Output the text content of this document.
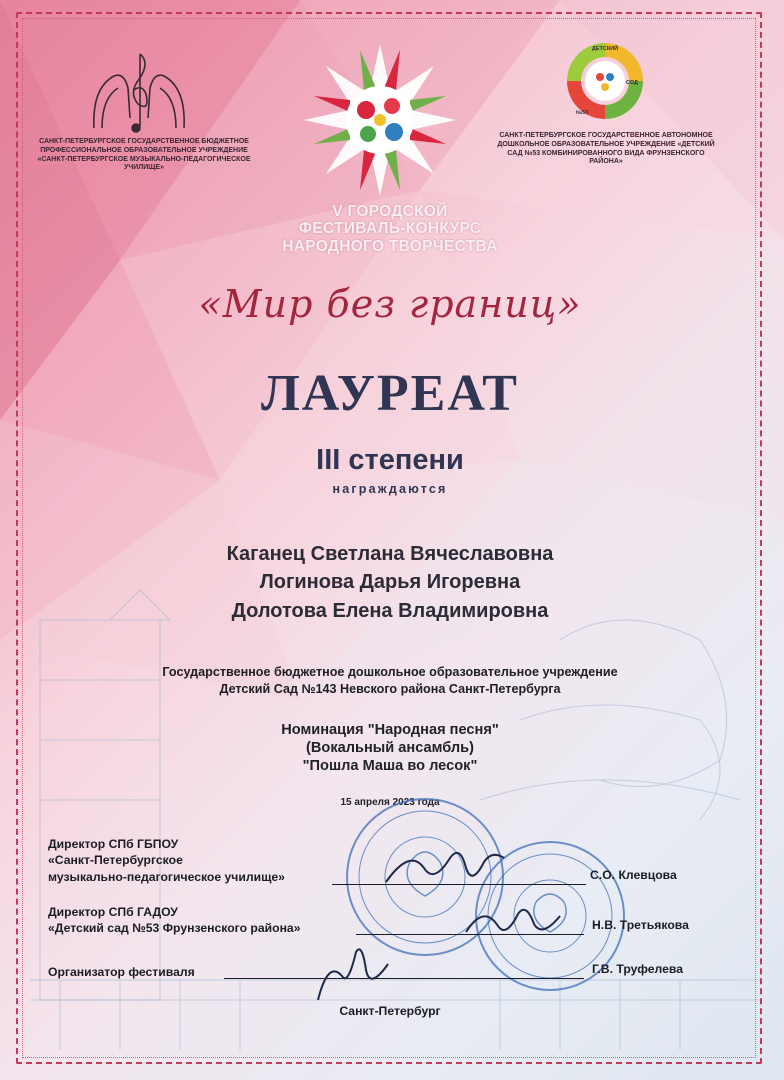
САНКТ-ПЕТЕРБУРГСКОЕ ГОСУДАРСТВЕННОЕ БЮДЖЕТНОЕ ПРОФЕССИОНАЛЬНОЕ ОБРАЗОВАТЕЛЬНОЕ УЧРЕЖДЕНИЕ «САНКТ-ПЕТЕРБУРГСКОЕ МУЗЫКАЛЬНО-ПЕДАГОГИЧЕСКОЕ УЧИЛИЩЕ»
ДЕТСКИЙ
СОД
№53
САНКТ-ПЕТЕРБУРГСКОЕ ГОСУДАРСТВЕННОЕ АВТОНОМНОЕ ДОШКОЛЬНОЕ ОБРАЗОВАТЕЛЬНОЕ УЧРЕЖДЕНИЕ «ДЕТСКИЙ САД №53 КОМБИНИРОВАННОГО ВИДА ФРУНЗЕНСКОГО РАЙОНА»
V ГОРОДСКОЙ
ФЕСТИВАЛЬ-КОНКУРС
НАРОДНОГО ТВОРЧЕСТВА
«Мир без границ»
ЛАУРЕАТ
III степени
награждаются
Каганец Светлана Вячеславовна
Логинова Дарья Игоревна
Долотова Елена Владимировна
Государственное бюджетное дошкольное образовательное учреждение
Детский Сад №143 Невского района Санкт-Петербурга
Номинация "Народная песня"
(Вокальный ансамбль)
"Пошла Маша во лесок"
15 апреля 2023 года
Директор СПб ГБПОУ
«Санкт-Петербургское
музыкально-педагогическое училище»	С.О. Клевцова
Директор СПб ГАДОУ
«Детский сад №53 Фрунзенского района»	Н.В. Третьякова
Организатор фестиваля	Г.В. Труфелева
Санкт-Петербург
